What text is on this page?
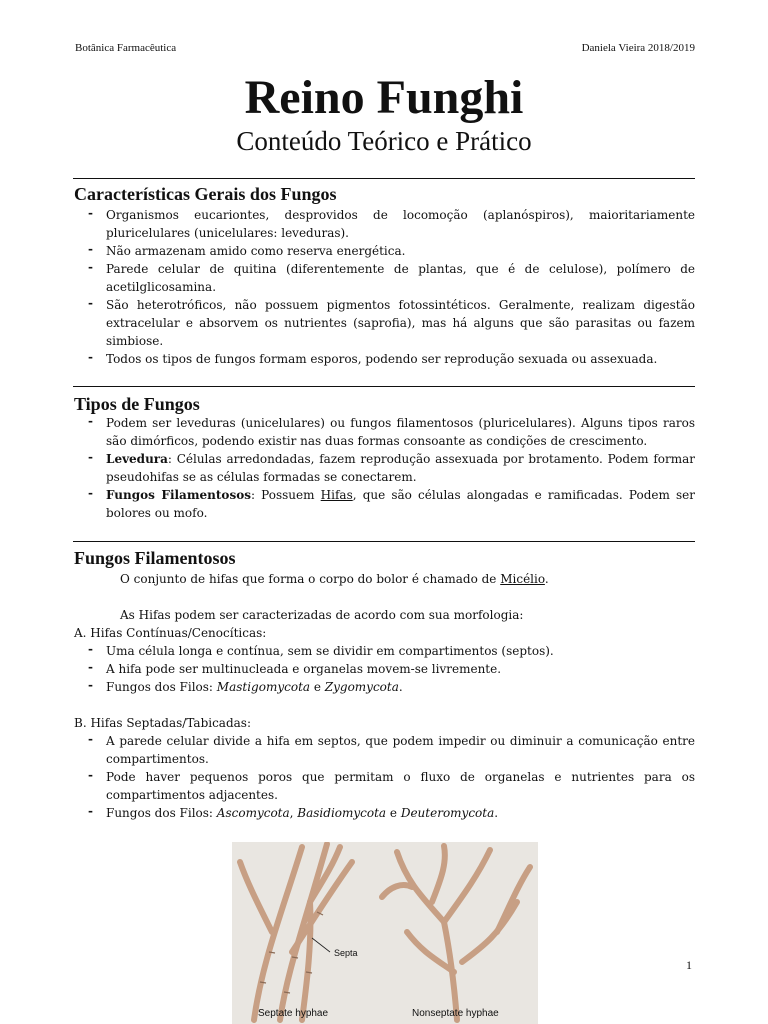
Botânica Farmacêutica	Daniela Vieira 2018/2019
Reino Funghi
Conteúdo Teórico e Prático
Características Gerais dos Fungos
- Organismos eucariontes, desprovidos de locomoção (aplanóspiros), maioritariamente pluricelulares (unicelulares: leveduras).
- Não armazenam amido como reserva energética.
- Parede celular de quitina (diferentemente de plantas, que é de celulose), polímero de acetilglicosamina.
- São heterotróficos, não possuem pigmentos fotossintéticos. Geralmente, realizam digestão extracelular e absorvem os nutrientes (saprofia), mas há alguns que são parasitas ou fazem simbiose.
- Todos os tipos de fungos formam esporos, podendo ser reprodução sexuada ou assexuada.
Tipos de Fungos
- Podem ser leveduras (unicelulares) ou fungos filamentosos (pluricelulares). Alguns tipos raros são dimórficos, podendo existir nas duas formas consoante as condições de crescimento.
- Levedura: Células arredondadas, fazem reprodução assexuada por brotamento. Podem formar pseudohifas se as células formadas se conectarem.
- Fungos Filamentosos: Possuem Hifas, que são células alongadas e ramificadas. Podem ser bolores ou mofo.
Fungos Filamentosos
O conjunto de hifas que forma o corpo do bolor é chamado de Micélio.
As Hifas podem ser caracterizadas de acordo com sua morfologia:
A. Hifas Contínuas/Cenocíticas:
- Uma célula longa e contínua, sem se dividir em compartimentos (septos).
- A hifa pode ser multinucleada e organelas movem-se livremente.
- Fungos dos Filos: Mastigomycota e Zygomycota.
B. Hifas Septadas/Tabicadas:
- A parede celular divide a hifa em septos, que podem impedir ou diminuir a comunicação entre compartimentos.
- Pode haver pequenos poros que permitam o fluxo de organelas e nutrientes para os compartimentos adjacentes.
- Fungos dos Filos: Ascomycota, Basidiomycota e Deuteromycota.
Septa
Septate hyphae	Nonseptate hyphae
1
